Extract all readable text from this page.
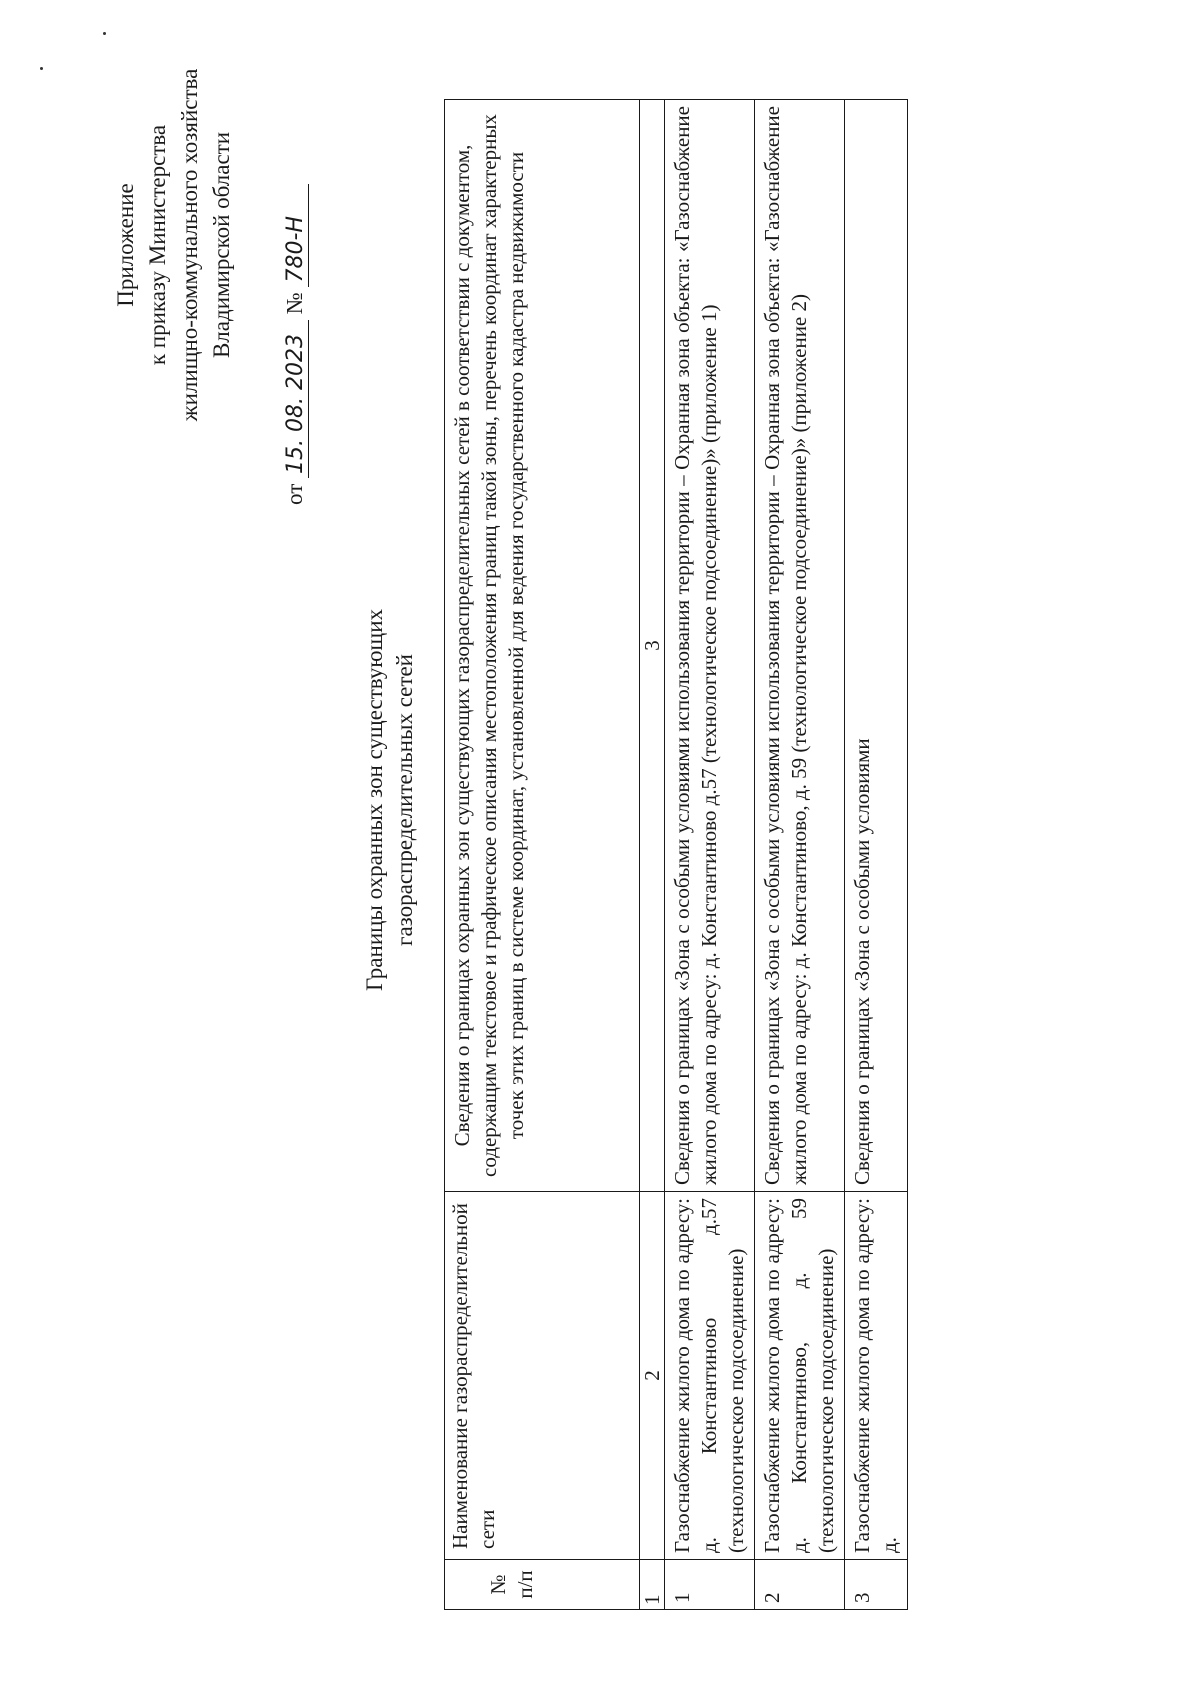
Приложение к приказу Министерства жилищно-коммунального хозяйства Владимирской области
от 15. 08. 2023 № 780-Н
Границы охранных зон существующих газораспределительных сетей
№ п/п	Наименование газораспределительной сети	Сведения о границах охранных зон существующих газораспределительных сетей в соответствии с документом, содержащим текстовое и графическое описания местоположения границ такой зоны, перечень координат характерных точек этих границ в системе координат, установленной для ведения государственного кадастра недвижимости
1	2	3
1	Газоснабжение жилого дома по адресу: д. Константиново д.57 (технологическое подсоединение)	Сведения о границах «Зона с особыми условиями использования территории – Охранная зона объекта: «Газоснабжение жилого дома по адресу: д. Константиново д.57 (технологическое подсоединение)» (приложение 1)
2	Газоснабжение жилого дома по адресу: д. Константиново, д. 59 (технологическое подсоединение)	Сведения о границах «Зона с особыми условиями использования территории – Охранная зона объекта: «Газоснабжение жилого дома по адресу: д. Константиново, д. 59 (технологическое подсоединение)» (приложение 2)
3	Газоснабжение жилого дома по адресу: д.	Сведения о границах «Зона с особыми условиями
